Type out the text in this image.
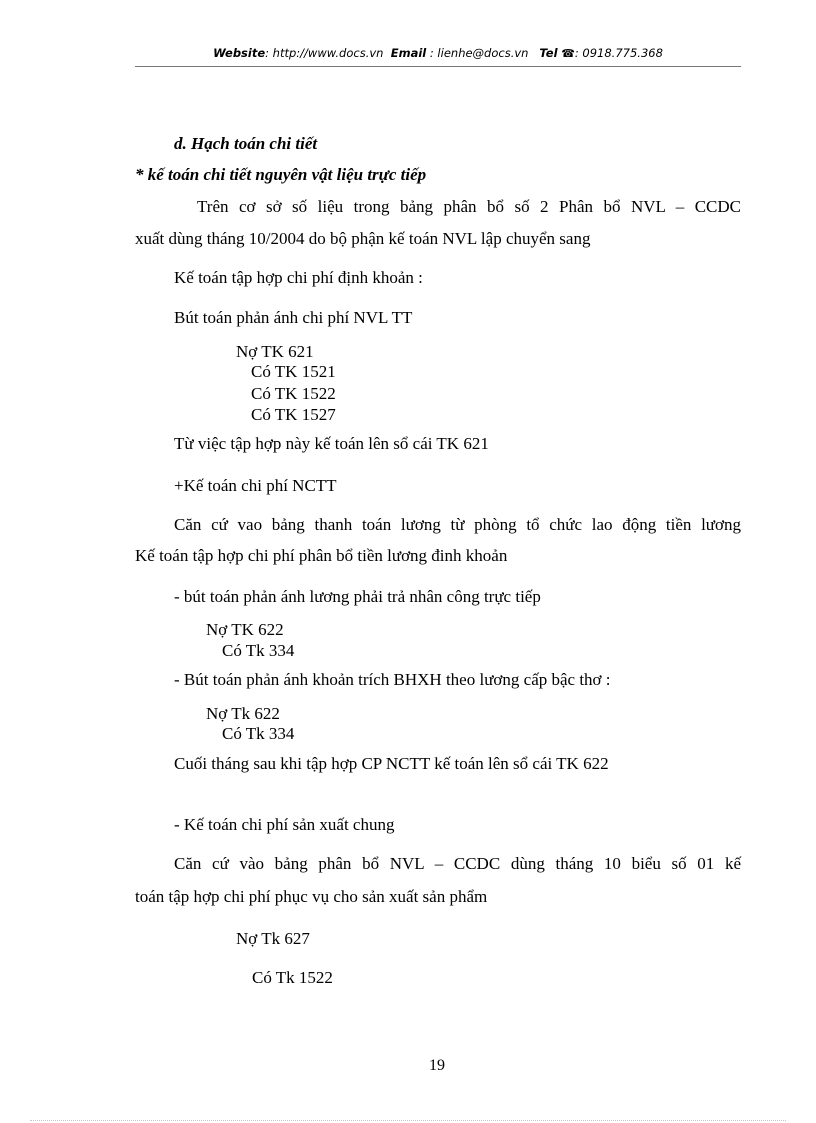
Website: http://www.docs.vn Email : lienhe@docs.vn Tel ☎: 0918.775.368
d. Hạch toán chi tiết
* kế toán chi tiết nguyên vật liệu trực tiếp
Trên cơ sở số liệu trong bảng phân bổ số 2 Phân bổ NVL – CCDC
xuất dùng tháng 10/2004 do bộ phận kế toán NVL lập chuyển sang
Kế toán tập hợp chi phí định khoản :
Bút toán phản ánh chi phí NVL TT
Nợ TK 621
Có TK 1521
Có TK 1522
Có TK 1527
Từ việc tập hợp này kế toán lên sổ cái TK 621
+Kế toán chi phí NCTT
Căn cứ vao bảng thanh toán lương từ phòng tổ chức lao động tiền lương
Kế toán tập hợp chi phí phân bổ tiền lương đinh khoản
- bút toán phản ánh lương phải trả nhân công trực tiếp
Nợ TK 622
Có Tk 334
- Bút toán phản ánh khoản trích BHXH theo lương cấp bậc thơ :
Nợ Tk 622
Có Tk 334
Cuối tháng sau khi tập hợp CP NCTT kế toán lên sổ cái TK 622
- Kế toán chi phí sản xuất chung
Căn cứ vào bảng phân bổ NVL – CCDC dùng tháng 10 biểu số 01 kế
toán tập hợp chi phí phục vụ cho sản xuất sản phẩm
Nợ Tk 627
Có Tk 1522
19
